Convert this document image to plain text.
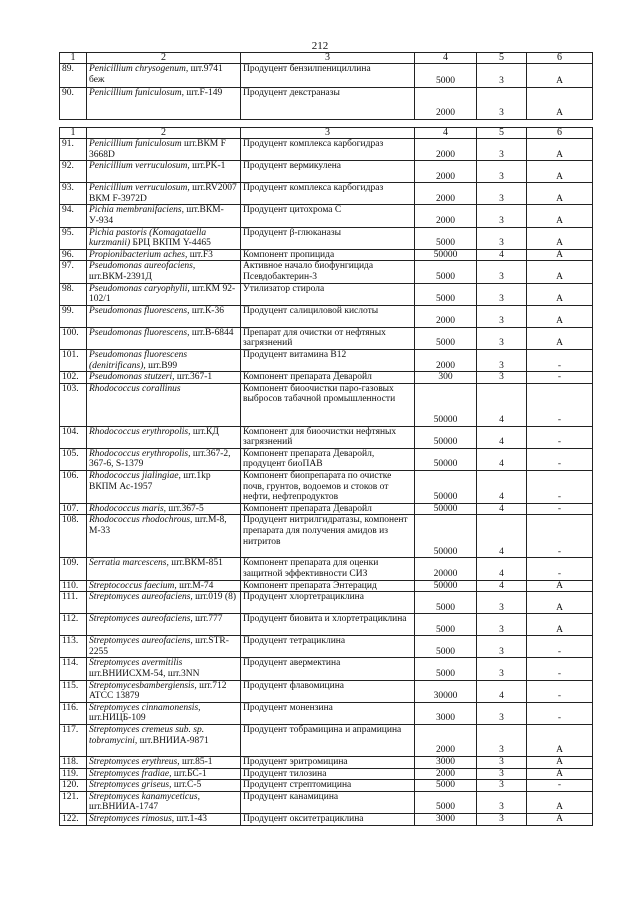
212
1	2	3	4	5	6
89.	Penicillium chrysogenum, шт.9741 беж	Продуцент бензилпенициллина	5000	3	А
90.	Penicillium funiculosum, шт.F-149	Продуцент декстраназы	2000	3	А
1	2	3	4	5	6
91.	Penicillium funiculosum шт.ВКМ F 3668D	Продуцент комплекса карбогидраз	2000	3	А
92.	Penicillium verruculosum, шт.PK-1	Продуцент вермикулена	2000	3	А
93.	Penicillium verruculosum, шт.RV2007 ВКМ F-3972D	Продуцент комплекса карбогидраз	2000	3	А
94.	Pichia membranifaciens, шт.ВКМ-У-934	Продуцент цитохрома С	2000	3	А
95.	Pichia pastoris (Komagataella kurzmanii) БРЦ ВКПМ Y-4465	Продуцент β-глюканазы	5000	3	А
96.	Propionibacterium aches, шт.F3	Компонент пропицида	50000	4	А
97.	Pseudomonas aureofaciens, шт.ВКМ-2391Д	Активное начало биофунгицида Псевдобактерин-3	5000	3	А
98.	Pseudomonas caryophylii, шт.КМ 92-102/1	Утилизатор стирола	5000	3	А
99.	Pseudomonas fluorescens, шт.К-36	Продуцент салициловой кислоты	2000	3	А
100.	Pseudomonas fluorescens, шт.В-6844	Препарат для очистки от нефтяных загрязнений	5000	3	А
101.	Pseudomonas fluorescens (denitrificans), шт.В99	Продуцент витамина В12	2000	3	-
102.	Pseudomonas stutzeri, шт.367-1	Компонент препарата Деваройл	300	3	-
103.	Rhodococcus corallinus	Компонент биоочистки паро-газовых выбросов табачной промышленности	50000	4	-
104.	Rhodococcus erythropolis, шт.КД	Компонент для биоочистки нефтяных загрязнений	50000	4	-
105.	Rhodococcus erythropolis, шт.367-2, 367-6, S-1379	Компонент препарата Деваройл, продуцент биоПАВ	50000	4	-
106.	Rhodococcus jialingiae, шт.1kp ВКПМ Ас-1957	Компонент биопрепарата по очистке почв, грунтов, водоемов и стоков от нефти, нефтепродуктов	50000	4	-
107.	Rhodococcus maris, шт.367-5	Компонент препарата Деваройл	50000	4	-
108.	Rhodococcus rhodochrous, шт.М-8, М-33	Продуцент нитрилгидратазы, компонент препарата для получения амидов из нитритов	50000	4	-
109.	Serratia marcescens, шт.ВКМ-851	Компонент препарата для оценки защитной эффективности СИЗ	20000	4	-
110.	Streptococcus faecium, шт.М-74	Компонент препарата Энтерацид	50000	4	А
111.	Streptomyces aureofaciens, шт.019 (8)	Продуцент хлортетрациклина	5000	3	А
112.	Streptomyces aureofaciens, шт.777	Продуцент биовита и хлортетрациклина	5000	3	А
113.	Streptomyces aureofaciens, шт.STR-2255	Продуцент тетрациклина	5000	3	-
114.	Streptomyces avermitilis шт.ВНИИСХМ-54, шт.3NN	Продуцент авермектина	5000	3	-
115.	Streptomycesbambergiensis, шт.712 ATCC 13879	Продуцент флавомицина	30000	4	-
116.	Streptomyces cinnamonensis, шт.НИЦБ-109	Продуцент монензина	3000	3	-
117.	Streptomyces cremeus sub. sp. tobramycini, шт.ВНИИА-9871	Продуцент тобрамицина и апрамицина	2000	3	А
118.	Streptomyces erythreus, шт.85-1	Продуцент эритромицина	3000	3	А
119.	Streptomyces fradiae, шт.БС-1	Продуцент тилозина	2000	3	А
120.	Streptomyces griseus, шт.С-5	Продуцент стрептомицина	5000	3	-
121.	Streptomyces kanamyceticus, шт.ВНИИА-1747	Продуцент канамицина	5000	3	А
122.	Streptomyces rimosus, шт.1-43	Продуцент окситетрациклина	3000	3	А
